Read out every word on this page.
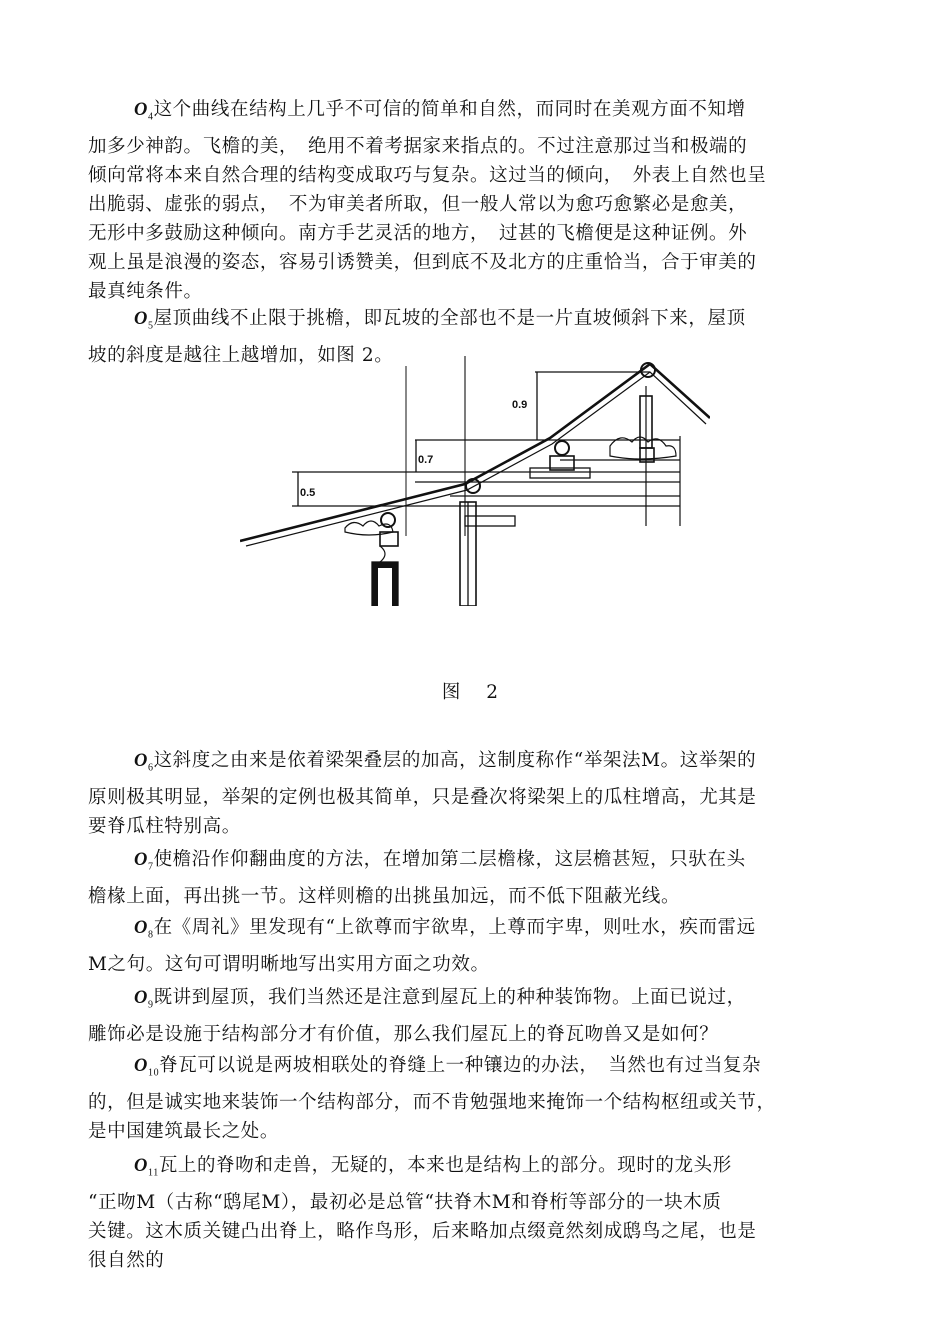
$O_4$这个曲线在结构上几乎不可信的简单和自然，而同时在美观方面不知增
加多少神韵。飞檐的美，　绝用不着考据家来指点的。不过注意那过当和极端的
倾向常将本来自然合理的结构变成取巧与复杂。这过当的倾向，　外表上自然也呈
出脆弱、虚张的弱点，　不为审美者所取，但一般人常以为愈巧愈繁必是愈美，
无形中多鼓励这种倾向。南方手艺灵活的地方，　过甚的飞檐便是这种证例。外
观上虽是浪漫的姿态，容易引诱赞美，但到底不及北方的庄重恰当，合于审美的
最真纯条件。
$O_5$屋顶曲线不止限于挑檐，即瓦坡的全部也不是一片直坡倾斜下来，屋顶
坡的斜度是越往上越增加，如图 2。
0.5
0.7
0.9
图 2
$O_6$这斜度之由来是依着梁架叠层的加高，这制度称作“举架法M。这举架的
原则极其明显，举架的定例也极其简单，只是叠次将梁架上的瓜柱增高，尤其是
要脊瓜柱特别高。
$O_7$使檐沿作仰翻曲度的方法，在增加第二层檐椽，这层檐甚短，只驮在头
檐椽上面，再出挑一节。这样则檐的出挑虽加远，而不低下阻蔽光线。
$O_8$在《周礼》里发现有“上欲尊而宇欲卑，上尊而宇卑，则吐水，疾而雷远
M之句。这句可谓明晰地写出实用方面之功效。
$O_9$既讲到屋顶，我们当然还是注意到屋瓦上的种种装饰物。上面已说过，
雕饰必是设施于结构部分才有价值，那么我们屋瓦上的脊瓦吻兽又是如何？
$O_{10}$脊瓦可以说是两坡相联处的脊缝上一种镶边的办法，　当然也有过当复杂
的，但是诚实地来装饰一个结构部分，而不肯勉强地来掩饰一个结构枢纽或关节，
是中国建筑最长之处。
$O_{11}$瓦上的脊吻和走兽，无疑的，本来也是结构上的部分。现时的龙头形
“正吻M（古称“鸱尾M），最初必是总管“扶脊木M和脊桁等部分的一块木质
关键。这木质关键凸出脊上，略作鸟形，后来略加点缀竟然刻成鸱鸟之尾，也是
很自然的
